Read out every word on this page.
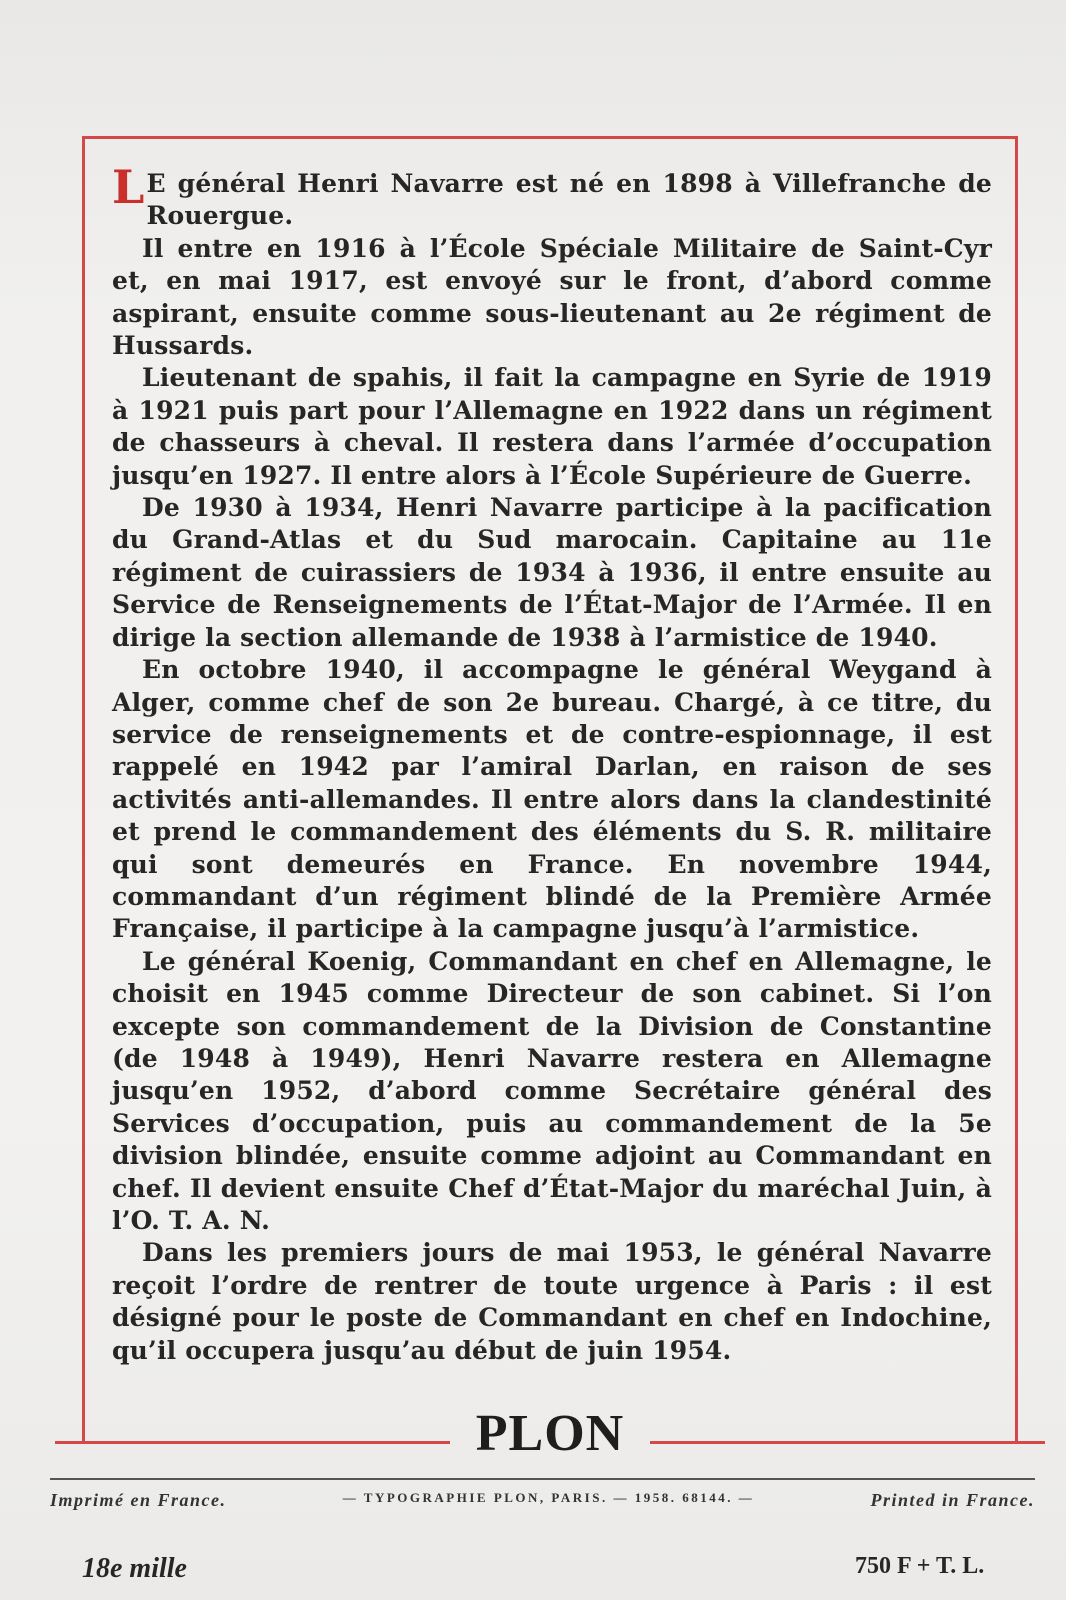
L E général Henri Navarre est né en 1898 à Villefranche de Rouergue.

Il entre en 1916 à l’École Spéciale Militaire de Saint-Cyr et, en mai 1917, est envoyé sur le front, d’abord comme aspirant, ensuite comme sous-lieutenant au 2e régiment de Hussards.

Lieutenant de spahis, il fait la campagne en Syrie de 1919 à 1921 puis part pour l’Allemagne en 1922 dans un régiment de chasseurs à cheval. Il restera dans l’armée d’occupation jusqu’en 1927. Il entre alors à l’École Supérieure de Guerre.

De 1930 à 1934, Henri Navarre participe à la pacification du Grand-Atlas et du Sud marocain. Capitaine au 11e régiment de cuirassiers de 1934 à 1936, il entre ensuite au Service de Renseignements de l’État-Major de l’Armée. Il en dirige la section allemande de 1938 à l’armistice de 1940.

En octobre 1940, il accompagne le général Weygand à Alger, comme chef de son 2e bureau. Chargé, à ce titre, du service de renseignements et de contre-espionnage, il est rappelé en 1942 par l’amiral Darlan, en raison de ses activités anti-allemandes. Il entre alors dans la clandestinité et prend le commandement des éléments du S. R. militaire qui sont demeurés en France. En novembre 1944, commandant d’un régiment blindé de la Première Armée Française, il participe à la campagne jusqu’à l’armistice.

Le général Koenig, Commandant en chef en Allemagne, le choisit en 1945 comme Directeur de son cabinet. Si l’on excepte son commandement de la Division de Constantine (de 1948 à 1949), Henri Navarre restera en Allemagne jusqu’en 1952, d’abord comme Secrétaire général des Services d’occupation, puis au commandement de la 5e division blindée, ensuite comme adjoint au Commandant en chef. Il devient ensuite Chef d’État-Major du maréchal Juin, à l’O. T. A. N.

Dans les premiers jours de mai 1953, le général Navarre reçoit l’ordre de rentrer de toute urgence à Paris : il est désigné pour le poste de Commandant en chef en Indochine, qu’il occupera jusqu’au début de juin 1954.

PLON
Imprimé en France.	— TYPOGRAPHIE PLON, PARIS. — 1958. 68144. —	Printed in France.
18e mille	750 F + T. L.
